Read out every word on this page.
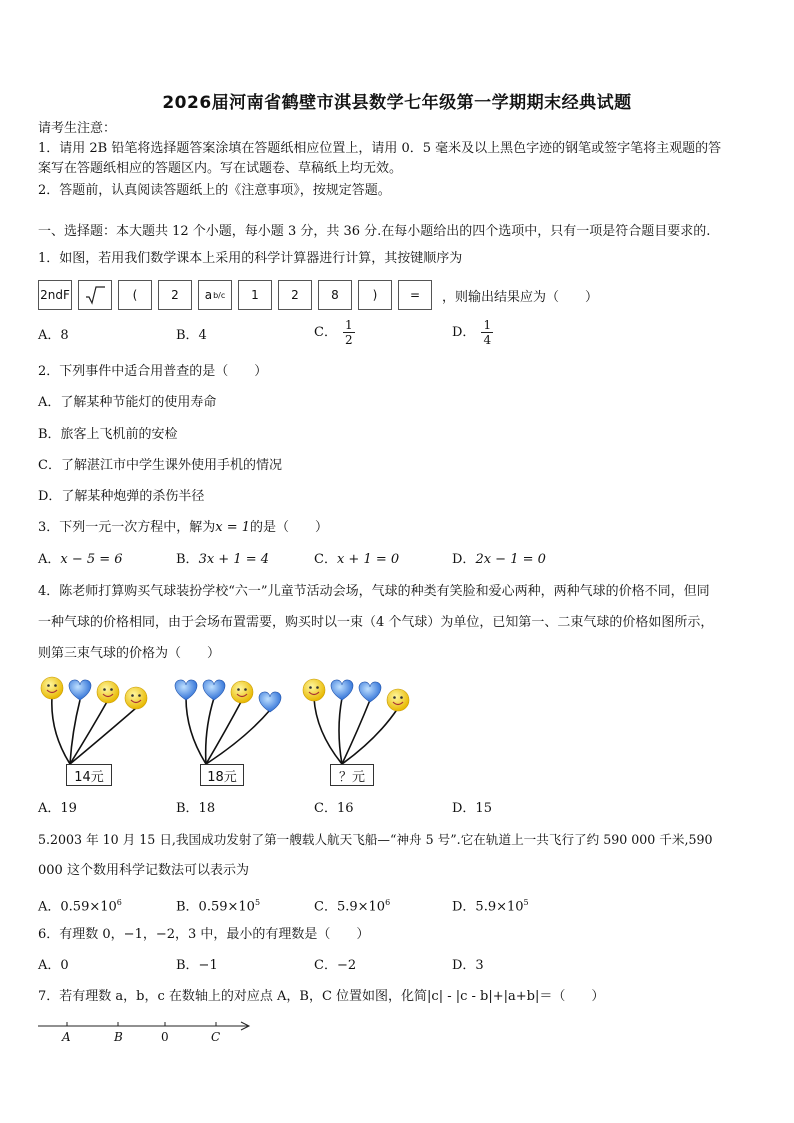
2026届河南省鹤壁市淇县数学七年级第一学期期末经典试题
请考生注意：
1．请用 2B 铅笔将选择题答案涂填在答题纸相应位置上，请用 0．5 毫米及以上黑色字迹的钢笔或签字笔将主观题的答
案写在答题纸相应的答题区内。写在试题卷、草稿纸上均无效。
2．答题前，认真阅读答题纸上的《注意事项》，按规定答题。
一、选择题：本大题共 12 个小题，每小题 3 分，共 36 分.在每小题给出的四个选项中，只有一项是符合题目要求的.
1．如图，若用我们数学课本上采用的科学计算器进行计算，其按键顺序为
2ndF	(	2	a b/c	1	2	8	)	=	，则输出结果应为（　　）
A．8	B．4	C． $\frac{1}{2}$	D． $\frac{1}{4}$
2．下列事件中适合用普查的是（　　）
A．了解某种节能灯的使用寿命
B．旅客上飞机前的安检
C．了解湛江市中学生课外使用手机的情况
D．了解某种炮弹的杀伤半径
3．下列一元一次方程中，解为x = 1的是（　　）
A．x − 5 = 6	B．3x + 1 = 4	C．x + 1 = 0	D．2x − 1 = 0
4．陈老师打算购买气球装扮学校“六一”儿童节活动会场，气球的种类有笑脸和爱心两种，两种气球的价格不同，但同
一种气球的价格相同，由于会场布置需要，购买时以一束（4 个气球）为单位，已知第一、二束气球的价格如图所示，
则第三束气球的价格为（　　）
14元	18元	？元
A．19	B．18	C．16	D．15
5.2003 年 10 月 15 日,我国成功发射了第一艘载人航天飞船—“神舟 5 号”.它在轨道上一共飞行了约 590 000 千米,590
000 这个数用科学记数法可以表示为
A．$0.59\times 10^6$	B．$0.59\times 10^5$	C．$5.9\times 10^6$	D．$5.9\times 10^5$
6．有理数 0，−1，−2，3 中，最小的有理数是（　　）
A．0	B．−1	C．−2	D．3
7．若有理数 a，b，c 在数轴上的对应点 A，B，C 位置如图，化简|c| - |c - b|+|a+b|＝（　　）
A	B	0	C
